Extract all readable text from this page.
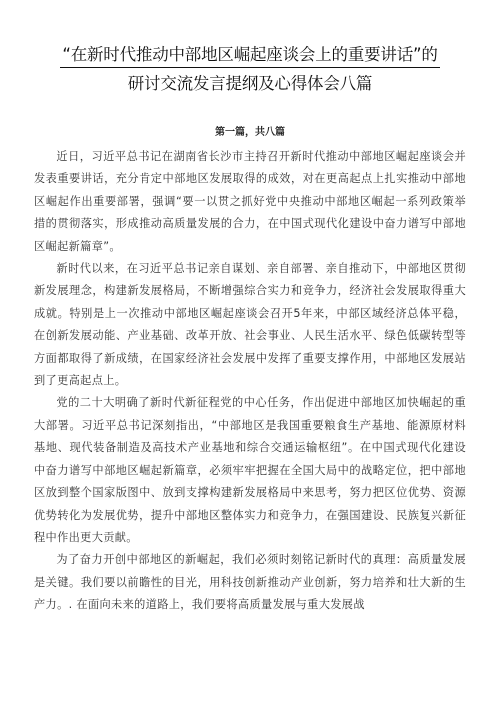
“在新时代推动中部地区崛起座谈会上的重要讲话”的
研讨交流发言提纲及心得体会八篇
第一篇，共八篇

近日，习近平总书记在湖南省长沙市主持召开新时代推动中部地区崛起座谈会并发表重要讲话，充分肯定中部地区发展取得的成效，对在更高起点上扎实推动中部地区崛起作出重要部署，强调“要一以贯之抓好党中央推动中部地区崛起一系列政策举措的贯彻落实，形成推动高质量发展的合力，在中国式现代化建设中奋力谱写中部地区崛起新篇章”。

新时代以来，在习近平总书记亲自谋划、亲自部署、亲自推动下，中部地区贯彻新发展理念，构建新发展格局，不断增强综合实力和竞争力，经济社会发展取得重大成就。特别是上一次推动中部地区崛起座谈会召开5年来，中部区域经济总体平稳，在创新发展动能、产业基础、改革开放、社会事业、人民生活水平、绿色低碳转型等方面都取得了新成绩，在国家经济社会发展中发挥了重要支撑作用，中部地区发展站到了更高起点上。

党的二十大明确了新时代新征程党的中心任务，作出促进中部地区加快崛起的重大部署。习近平总书记深刻指出，“中部地区是我国重要粮食生产基地、能源原材料基地、现代装备制造及高技术产业基地和综合交通运输枢纽”。在中国式现代化建设中奋力谱写中部地区崛起新篇章，必须牢牢把握在全国大局中的战略定位，把中部地区放到整个国家版图中、放到支撑构建新发展格局中来思考，努力把区位优势、资源优势转化为发展优势，提升中部地区整体实力和竞争力，在强国建设、民族复兴新征程中作出更大贡献。

为了奋力开创中部地区的新崛起，我们必须时刻铭记新时代的真理：高质量发展是关键。我们要以前瞻性的目光，用科技创新推动产业创新，努力培养和壮大新的生产力。. 在面向未来的道路上，我们要将高质量发展与重大发展战
